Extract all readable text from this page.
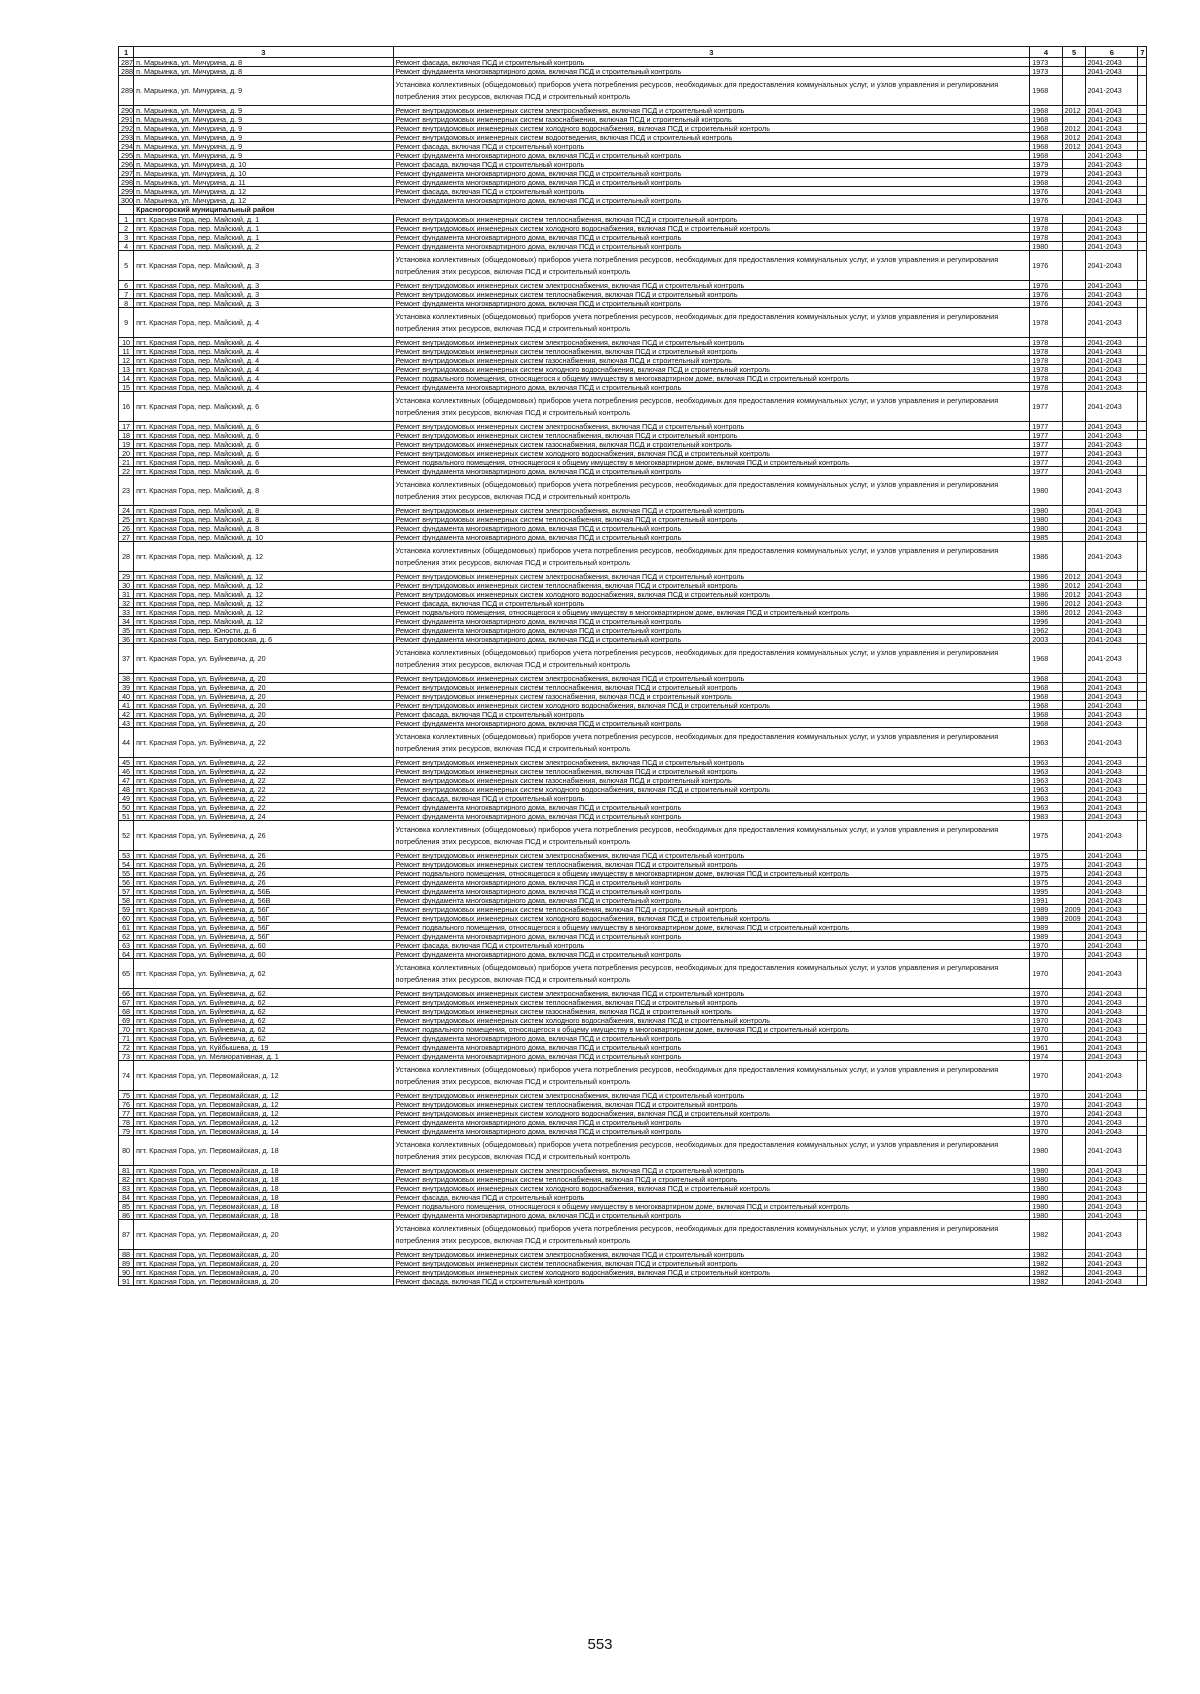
1	3	3	4	5	6	7
287	п. Марьинка, ул. Мичурина, д. 8	Ремонт фасада, включая ПСД и строительный контроль	1973		2041-2043	
288	п. Марьинка, ул. Мичурина, д. 8	Ремонт фундамента многоквартирного дома, включая ПСД и строительный контроль	1973		2041-2043	
289	п. Марьинка, ул. Мичурина, д. 9	Установка коллективных (общедомовых) приборов учета потребления ресурсов, необходимых для предоставления коммунальных услуг, и узлов управления и регулирования потребления этих ресурсов, включая ПСД и строительный контроль	1968		2041-2043	
290	п. Марьинка, ул. Мичурина, д. 9	Ремонт внутридомовых инженерных систем электроснабжения, включая ПСД и строительный контроль	1968	2012	2041-2043	
291	п. Марьинка, ул. Мичурина, д. 9	Ремонт внутридомовых инженерных систем газоснабжения, включая ПСД и строительный контроль	1968		2041-2043	
292	п. Марьинка, ул. Мичурина, д. 9	Ремонт внутридомовых инженерных систем холодного водоснабжения, включая ПСД и строительный контроль	1968	2012	2041-2043	
293	п. Марьинка, ул. Мичурина, д. 9	Ремонт внутридомовых инженерных систем водоотведения, включая ПСД и строительный контроль	1968	2012	2041-2043	
294	п. Марьинка, ул. Мичурина, д. 9	Ремонт фасада, включая ПСД и строительный контроль	1968	2012	2041-2043	
295	п. Марьинка, ул. Мичурина, д. 9	Ремонт фундамента многоквартирного дома, включая ПСД и строительный контроль	1968		2041-2043	
296	п. Марьинка, ул. Мичурина, д. 10	Ремонт фасада, включая ПСД и строительный контроль	1979		2041-2043	
297	п. Марьинка, ул. Мичурина, д. 10	Ремонт фундамента многоквартирного дома, включая ПСД и строительный контроль	1979		2041-2043	
298	п. Марьинка, ул. Мичурина, д. 11	Ремонт фундамента многоквартирного дома, включая ПСД и строительный контроль	1968		2041-2043	
299	п. Марьинка, ул. Мичурина, д. 12	Ремонт фасада, включая ПСД и строительный контроль	1976		2041-2043	
300	п. Марьинка, ул. Мичурина, д. 12	Ремонт фундамента многоквартирного дома, включая ПСД и строительный контроль	1976		2041-2043	
	Красногорский муниципальный район					
1	пгт. Красная Гора, пер. Майский, д. 1	Ремонт внутридомовых инженерных систем теплоснабжения, включая ПСД и строительный контроль	1978		2041-2043	
2	пгт. Красная Гора, пер. Майский, д. 1	Ремонт внутридомовых инженерных систем холодного водоснабжения, включая ПСД и строительный контроль	1978		2041-2043	
3	пгт. Красная Гора, пер. Майский, д. 1	Ремонт фундамента многоквартирного дома, включая ПСД и строительный контроль	1978		2041-2043	
4	пгт. Красная Гора, пер. Майский, д. 2	Ремонт фундамента многоквартирного дома, включая ПСД и строительный контроль	1980		2041-2043	
5	пгт. Красная Гора, пер. Майский, д. 3	Установка коллективных (общедомовых) приборов учета потребления ресурсов, необходимых для предоставления коммунальных услуг, и узлов управления и регулирования потребления этих ресурсов, включая ПСД и строительный контроль	1976		2041-2043	
6	пгт. Красная Гора, пер. Майский, д. 3	Ремонт внутридомовых инженерных систем электроснабжения, включая ПСД и строительный контроль	1976		2041-2043	
7	пгт. Красная Гора, пер. Майский, д. 3	Ремонт внутридомовых инженерных систем теплоснабжения, включая ПСД и строительный контроль	1976		2041-2043	
8	пгт. Красная Гора, пер. Майский, д. 3	Ремонт фундамента многоквартирного дома, включая ПСД и строительный контроль	1976		2041-2043	
9	пгт. Красная Гора, пер. Майский, д. 4	Установка коллективных (общедомовых) приборов учета потребления ресурсов, необходимых для предоставления коммунальных услуг, и узлов управления и регулирования потребления этих ресурсов, включая ПСД и строительный контроль	1978		2041-2043	
10	пгт. Красная Гора, пер. Майский, д. 4	Ремонт внутридомовых инженерных систем электроснабжения, включая ПСД и строительный контроль	1978		2041-2043	
11	пгт. Красная Гора, пер. Майский, д. 4	Ремонт внутридомовых инженерных систем теплоснабжения, включая ПСД и строительный контроль	1978		2041-2043	
12	пгт. Красная Гора, пер. Майский, д. 4	Ремонт внутридомовых инженерных систем газоснабжения, включая ПСД и строительный контроль	1978		2041-2043	
13	пгт. Красная Гора, пер. Майский, д. 4	Ремонт внутридомовых инженерных систем холодного водоснабжения, включая ПСД и строительный контроль	1978		2041-2043	
14	пгт. Красная Гора, пер. Майский, д. 4	Ремонт подвального помещения, относящегося к общему имуществу в многоквартирном доме, включая ПСД и строительный контроль	1978		2041-2043	
15	пгт. Красная Гора, пер. Майский, д. 4	Ремонт фундамента многоквартирного дома, включая ПСД и строительный контроль	1978		2041-2043	
16	пгт. Красная Гора, пер. Майский, д. 6	Установка коллективных (общедомовых) приборов учета потребления ресурсов, необходимых для предоставления коммунальных услуг, и узлов управления и регулирования потребления этих ресурсов, включая ПСД и строительный контроль	1977		2041-2043	
17	пгт. Красная Гора, пер. Майский, д. 6	Ремонт внутридомовых инженерных систем электроснабжения, включая ПСД и строительный контроль	1977		2041-2043	
18	пгт. Красная Гора, пер. Майский, д. 6	Ремонт внутридомовых инженерных систем теплоснабжения, включая ПСД и строительный контроль	1977		2041-2043	
19	пгт. Красная Гора, пер. Майский, д. 6	Ремонт внутридомовых инженерных систем газоснабжения, включая ПСД и строительный контроль	1977		2041-2043	
20	пгт. Красная Гора, пер. Майский, д. 6	Ремонт внутридомовых инженерных систем холодного водоснабжения, включая ПСД и строительный контроль	1977		2041-2043	
21	пгт. Красная Гора, пер. Майский, д. 6	Ремонт подвального помещения, относящегося к общему имуществу в многоквартирном доме, включая ПСД и строительный контроль	1977		2041-2043	
22	пгт. Красная Гора, пер. Майский, д. 6	Ремонт фундамента многоквартирного дома, включая ПСД и строительный контроль	1977		2041-2043	
23	пгт. Красная Гора, пер. Майский, д. 8	Установка коллективных (общедомовых) приборов учета потребления ресурсов, необходимых для предоставления коммунальных услуг, и узлов управления и регулирования потребления этих ресурсов, включая ПСД и строительный контроль	1980		2041-2043	
24	пгт. Красная Гора, пер. Майский, д. 8	Ремонт внутридомовых инженерных систем электроснабжения, включая ПСД и строительный контроль	1980		2041-2043	
25	пгт. Красная Гора, пер. Майский, д. 8	Ремонт внутридомовых инженерных систем теплоснабжения, включая ПСД и строительный контроль	1980		2041-2043	
26	пгт. Красная Гора, пер. Майский, д. 8	Ремонт фундамента многоквартирного дома, включая ПСД и строительный контроль	1980		2041-2043	
27	пгт. Красная Гора, пер. Майский, д. 10	Ремонт фундамента многоквартирного дома, включая ПСД и строительный контроль	1985		2041-2043	
28	пгт. Красная Гора, пер. Майский, д. 12	Установка коллективных (общедомовых) приборов учета потребления ресурсов, необходимых для предоставления коммунальных услуг, и узлов управления и регулирования потребления этих ресурсов, включая ПСД и строительный контроль	1986		2041-2043	
29	пгт. Красная Гора, пер. Майский, д. 12	Ремонт внутридомовых инженерных систем электроснабжения, включая ПСД и строительный контроль	1986	2012	2041-2043	
30	пгт. Красная Гора, пер. Майский, д. 12	Ремонт внутридомовых инженерных систем теплоснабжения, включая ПСД и строительный контроль	1986	2012	2041-2043	
31	пгт. Красная Гора, пер. Майский, д. 12	Ремонт внутридомовых инженерных систем холодного водоснабжения, включая ПСД и строительный контроль	1986	2012	2041-2043	
32	пгт. Красная Гора, пер. Майский, д. 12	Ремонт фасада, включая ПСД и строительный контроль	1986	2012	2041-2043	
33	пгт. Красная Гора, пер. Майский, д. 12	Ремонт подвального помещения, относящегося к общему имуществу в многоквартирном доме, включая ПСД и строительный контроль	1986	2012	2041-2043	
34	пгт. Красная Гора, пер. Майский, д. 12	Ремонт фундамента многоквартирного дома, включая ПСД и строительный контроль	1996		2041-2043	
35	пгт. Красная Гора, пер. Юности, д. 6	Ремонт фундамента многоквартирного дома, включая ПСД и строительный контроль	1962		2041-2043	
36	пгт. Красная Гора, пер. Батуровская, д. 6	Ремонт фундамента многоквартирного дома, включая ПСД и строительный контроль	2003		2041-2043	
37	пгт. Красная Гора, ул. Буйневича, д. 20	Установка коллективных (общедомовых) приборов учета потребления ресурсов, необходимых для предоставления коммунальных услуг, и узлов управления и регулирования потребления этих ресурсов, включая ПСД и строительный контроль	1968		2041-2043	
38	пгт. Красная Гора, ул. Буйневича, д. 20	Ремонт внутридомовых инженерных систем электроснабжения, включая ПСД и строительный контроль	1968		2041-2043	
39	пгт. Красная Гора, ул. Буйневича, д. 20	Ремонт внутридомовых инженерных систем теплоснабжения, включая ПСД и строительный контроль	1968		2041-2043	
40	пгт. Красная Гора, ул. Буйневича, д. 20	Ремонт внутридомовых инженерных систем газоснабжения, включая ПСД и строительный контроль	1968		2041-2043	
41	пгт. Красная Гора, ул. Буйневича, д. 20	Ремонт внутридомовых инженерных систем холодного водоснабжения, включая ПСД и строительный контроль	1968		2041-2043	
42	пгт. Красная Гора, ул. Буйневича, д. 20	Ремонт фасада, включая ПСД и строительный контроль	1968		2041-2043	
43	пгт. Красная Гора, ул. Буйневича, д. 20	Ремонт фундамента многоквартирного дома, включая ПСД и строительный контроль	1968		2041-2043	
44	пгт. Красная Гора, ул. Буйневича, д. 22	Установка коллективных (общедомовых) приборов учета потребления ресурсов, необходимых для предоставления коммунальных услуг, и узлов управления и регулирования потребления этих ресурсов, включая ПСД и строительный контроль	1963		2041-2043	
45	пгт. Красная Гора, ул. Буйневича, д. 22	Ремонт внутридомовых инженерных систем электроснабжения, включая ПСД и строительный контроль	1963		2041-2043	
46	пгт. Красная Гора, ул. Буйневича, д. 22	Ремонт внутридомовых инженерных систем теплоснабжения, включая ПСД и строительный контроль	1963		2041-2043	
47	пгт. Красная Гора, ул. Буйневича, д. 22	Ремонт внутридомовых инженерных систем газоснабжения, включая ПСД и строительный контроль	1963		2041-2043	
48	пгт. Красная Гора, ул. Буйневича, д. 22	Ремонт внутридомовых инженерных систем холодного водоснабжения, включая ПСД и строительный контроль	1963		2041-2043	
49	пгт. Красная Гора, ул. Буйневича, д. 22	Ремонт фасада, включая ПСД и строительный контроль	1963		2041-2043	
50	пгт. Красная Гора, ул. Буйневича, д. 22	Ремонт фундамента многоквартирного дома, включая ПСД и строительный контроль	1963		2041-2043	
51	пгт. Красная Гора, ул. Буйневича, д. 24	Ремонт фундамента многоквартирного дома, включая ПСД и строительный контроль	1983		2041-2043	
52	пгт. Красная Гора, ул. Буйневича, д. 26	Установка коллективных (общедомовых) приборов учета потребления ресурсов, необходимых для предоставления коммунальных услуг, и узлов управления и регулирования потребления этих ресурсов, включая ПСД и строительный контроль	1975		2041-2043	
53	пгт. Красная Гора, ул. Буйневича, д. 26	Ремонт внутридомовых инженерных систем электроснабжения, включая ПСД и строительный контроль	1975		2041-2043	
54	пгт. Красная Гора, ул. Буйневича, д. 26	Ремонт внутридомовых инженерных систем теплоснабжения, включая ПСД и строительный контроль	1975		2041-2043	
55	пгт. Красная Гора, ул. Буйневича, д. 26	Ремонт подвального помещения, относящегося к общему имуществу в многоквартирном доме, включая ПСД и строительный контроль	1975		2041-2043	
56	пгт. Красная Гора, ул. Буйневича, д. 26	Ремонт фундамента многоквартирного дома, включая ПСД и строительный контроль	1975		2041-2043	
57	пгт. Красная Гора, ул. Буйневича, д. 56Б	Ремонт фундамента многоквартирного дома, включая ПСД и строительный контроль	1995		2041-2043	
58	пгт. Красная Гора, ул. Буйневича, д. 56В	Ремонт фундамента многоквартирного дома, включая ПСД и строительный контроль	1991		2041-2043	
59	пгт. Красная Гора, ул. Буйневича, д. 56Г	Ремонт внутридомовых инженерных систем теплоснабжения, включая ПСД и строительный контроль	1989	2009	2041-2043	
60	пгт. Красная Гора, ул. Буйневича, д. 56Г	Ремонт внутридомовых инженерных систем холодного водоснабжения, включая ПСД и строительный контроль	1989	2009	2041-2043	
61	пгт. Красная Гора, ул. Буйневича, д. 56Г	Ремонт подвального помещения, относящегося к общему имуществу в многоквартирном доме, включая ПСД и строительный контроль	1989		2041-2043	
62	пгт. Красная Гора, ул. Буйневича, д. 56Г	Ремонт фундамента многоквартирного дома, включая ПСД и строительный контроль	1989		2041-2043	
63	пгт. Красная Гора, ул. Буйневича, д. 60	Ремонт фасада, включая ПСД и строительный контроль	1970		2041-2043	
64	пгт. Красная Гора, ул. Буйневича, д. 60	Ремонт фундамента многоквартирного дома, включая ПСД и строительный контроль	1970		2041-2043	
65	пгт. Красная Гора, ул. Буйневича, д. 62	Установка коллективных (общедомовых) приборов учета потребления ресурсов, необходимых для предоставления коммунальных услуг, и узлов управления и регулирования потребления этих ресурсов, включая ПСД и строительный контроль	1970		2041-2043	
66	пгт. Красная Гора, ул. Буйневича, д. 62	Ремонт внутридомовых инженерных систем электроснабжения, включая ПСД и строительный контроль	1970		2041-2043	
67	пгт. Красная Гора, ул. Буйневича, д. 62	Ремонт внутридомовых инженерных систем теплоснабжения, включая ПСД и строительный контроль	1970		2041-2043	
68	пгт. Красная Гора, ул. Буйневича, д. 62	Ремонт внутридомовых инженерных систем газоснабжения, включая ПСД и строительный контроль	1970		2041-2043	
69	пгт. Красная Гора, ул. Буйневича, д. 62	Ремонт внутридомовых инженерных систем холодного водоснабжения, включая ПСД и строительный контроль	1970		2041-2043	
70	пгт. Красная Гора, ул. Буйневича, д. 62	Ремонт подвального помещения, относящегося к общему имуществу в многоквартирном доме, включая ПСД и строительный контроль	1970		2041-2043	
71	пгт. Красная Гора, ул. Буйневича, д. 62	Ремонт фундамента многоквартирного дома, включая ПСД и строительный контроль	1970		2041-2043	
72	пгт. Красная Гора, ул. Куйбышева, д. 19	Ремонт фундамента многоквартирного дома, включая ПСД и строительный контроль	1961		2041-2043	
73	пгт. Красная Гора, ул. Мелиоративная, д. 1	Ремонт фундамента многоквартирного дома, включая ПСД и строительный контроль	1974		2041-2043	
74	пгт. Красная Гора, ул. Первомайская, д. 12	Установка коллективных (общедомовых) приборов учета потребления ресурсов, необходимых для предоставления коммунальных услуг, и узлов управления и регулирования потребления этих ресурсов, включая ПСД и строительный контроль	1970		2041-2043	
75	пгт. Красная Гора, ул. Первомайская, д. 12	Ремонт внутридомовых инженерных систем электроснабжения, включая ПСД и строительный контроль	1970		2041-2043	
76	пгт. Красная Гора, ул. Первомайская, д. 12	Ремонт внутридомовых инженерных систем теплоснабжения, включая ПСД и строительный контроль	1970		2041-2043	
77	пгт. Красная Гора, ул. Первомайская, д. 12	Ремонт внутридомовых инженерных систем холодного водоснабжения, включая ПСД и строительный контроль	1970		2041-2043	
78	пгт. Красная Гора, ул. Первомайская, д. 12	Ремонт фундамента многоквартирного дома, включая ПСД и строительный контроль	1970		2041-2043	
79	пгт. Красная Гора, ул. Первомайская, д. 14	Ремонт фундамента многоквартирного дома, включая ПСД и строительный контроль	1970		2041-2043	
80	пгт. Красная Гора, ул. Первомайская, д. 18	Установка коллективных (общедомовых) приборов учета потребления ресурсов, необходимых для предоставления коммунальных услуг, и узлов управления и регулирования потребления этих ресурсов, включая ПСД и строительный контроль	1980		2041-2043	
81	пгт. Красная Гора, ул. Первомайская, д. 18	Ремонт внутридомовых инженерных систем электроснабжения, включая ПСД и строительный контроль	1980		2041-2043	
82	пгт. Красная Гора, ул. Первомайская, д. 18	Ремонт внутридомовых инженерных систем теплоснабжения, включая ПСД и строительный контроль	1980		2041-2043	
83	пгт. Красная Гора, ул. Первомайская, д. 18	Ремонт внутридомовых инженерных систем холодного водоснабжения, включая ПСД и строительный контроль	1980		2041-2043	
84	пгт. Красная Гора, ул. Первомайская, д. 18	Ремонт фасада, включая ПСД и строительный контроль	1980		2041-2043	
85	пгт. Красная Гора, ул. Первомайская, д. 18	Ремонт подвального помещения, относящегося к общему имуществу в многоквартирном доме, включая ПСД и строительный контроль	1980		2041-2043	
86	пгт. Красная Гора, ул. Первомайская, д. 18	Ремонт фундамента многоквартирного дома, включая ПСД и строительный контроль	1980		2041-2043	
87	пгт. Красная Гора, ул. Первомайская, д. 20	Установка коллективных (общедомовых) приборов учета потребления ресурсов, необходимых для предоставления коммунальных услуг, и узлов управления и регулирования потребления этих ресурсов, включая ПСД и строительный контроль	1982		2041-2043	
88	пгт. Красная Гора, ул. Первомайская, д. 20	Ремонт внутридомовых инженерных систем электроснабжения, включая ПСД и строительный контроль	1982		2041-2043	
89	пгт. Красная Гора, ул. Первомайская, д. 20	Ремонт внутридомовых инженерных систем теплоснабжения, включая ПСД и строительный контроль	1982		2041-2043	
90	пгт. Красная Гора, ул. Первомайская, д. 20	Ремонт внутридомовых инженерных систем холодного водоснабжения, включая ПСД и строительный контроль	1982		2041-2043	
91	пгт. Красная Гора, ул. Первомайская, д. 20	Ремонт фасада, включая ПСД и строительный контроль	1982		2041-2043	
553
